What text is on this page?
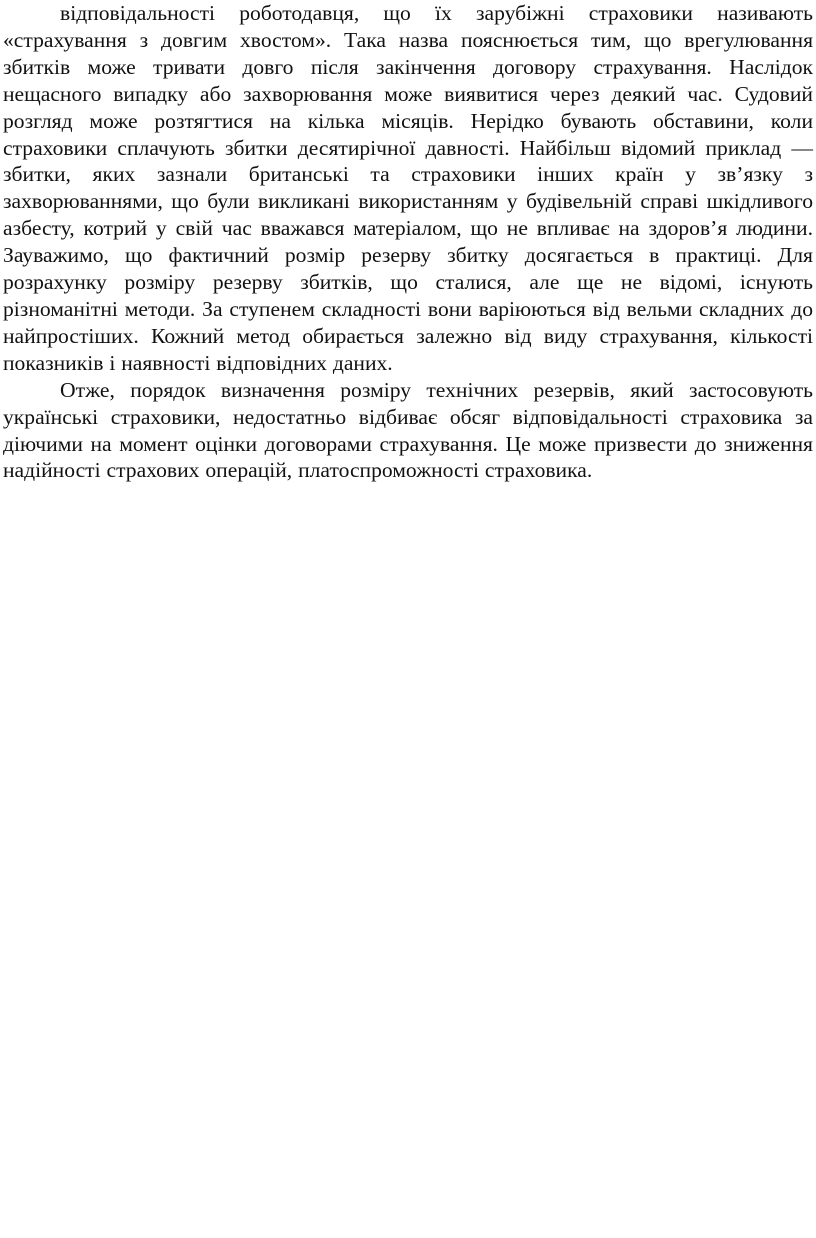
відповідальності роботодавця, що їх зарубіжні страховики називають «страхування з довгим хвостом». Така назва пояснюється тим, що врегулювання збитків може тривати довго після закінчення договору страхування. Наслідок нещасного випадку або захворювання може виявитися через деякий час. Судовий розгляд може розтягтися на кілька місяців. Нерідко бувають обставини, коли страховики сплачують збитки десятирічної давності. Найбільш відомий приклад — збитки, яких зазнали британські та страховики інших країн у зв’язку з захворюваннями, що були викликані використанням у будівельній справі шкідливого азбесту, котрий у свій час вважався матеріалом, що не впливає на здоров’я людини. Зауважимо, що фактичний розмір резерву збитку досягається в практиці. Для розрахунку розміру резерву збитків, що сталися, але ще не відомі, існують різноманітні методи. За ступенем складності вони варіюються від вельми складних до найпростіших. Кожний метод обирається залежно від виду страхування, кількості показників і наявності відповідних даних.

Отже, порядок визначення розміру технічних резервів, який застосовують українські страховики, недостатньо відбиває обсяг відповідальності страховика за діючими на момент оцінки договорами страхування. Це може призвести до зниження надійності страхових операцій, платоспроможності страховика.
